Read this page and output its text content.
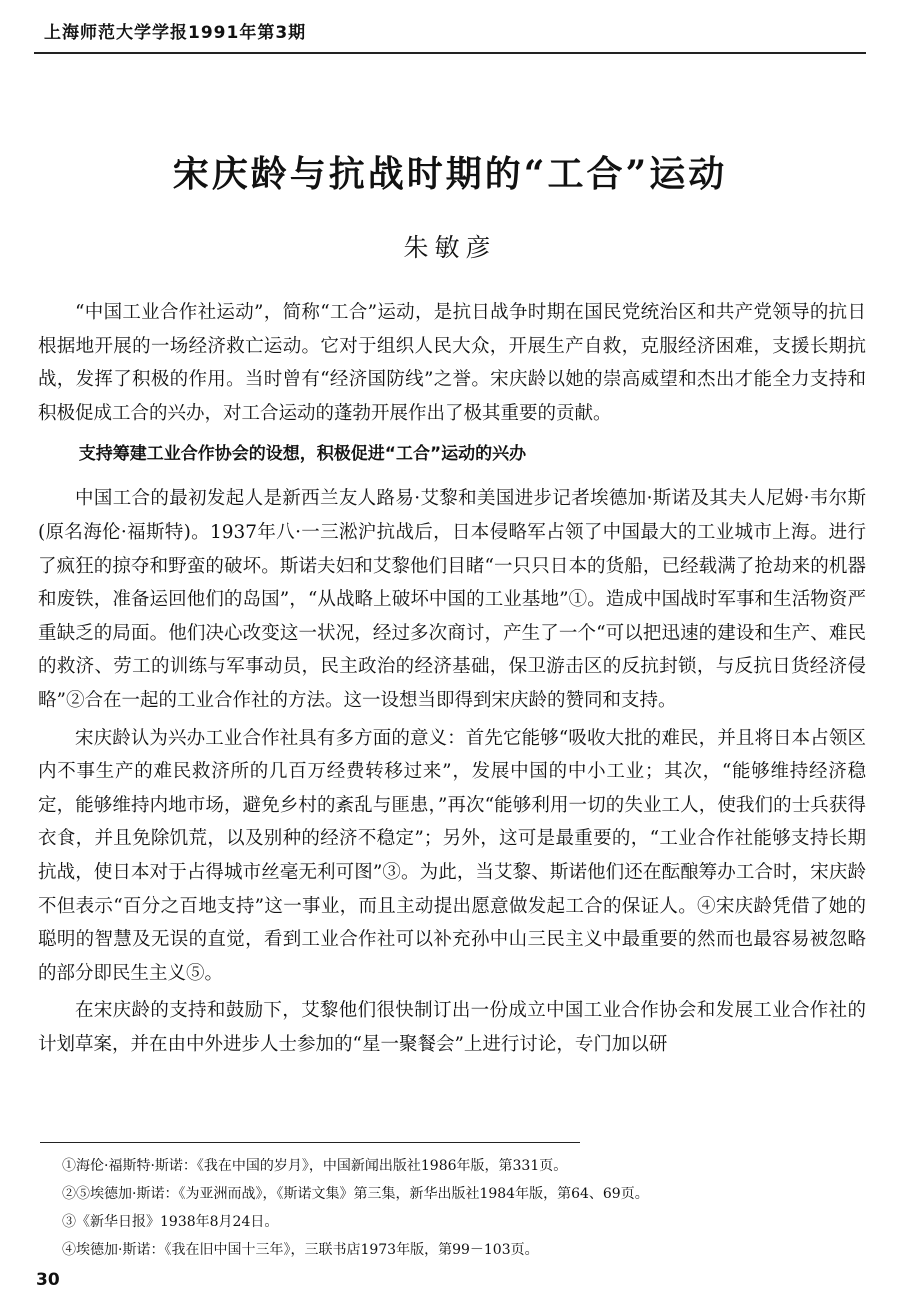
上海师范大学学报1991年第3期
宋庆龄与抗战时期的“工合”运动
朱敏彦

“中国工业合作社运动”，简称“工合”运动，是抗日战争时期在国民党统治区和共产党领导的抗日根据地开展的一场经济救亡运动。它对于组织人民大众，开展生产自救，克服经济困难，支援长期抗战，发挥了积极的作用。当时曾有“经济国防线”之誉。宋庆龄以她的崇高威望和杰出才能全力支持和积极促成工合的兴办，对工合运动的蓬勃开展作出了极其重要的贡献。

支持筹建工业合作协会的设想，积极促进“工合”运动的兴办

中国工合的最初发起人是新西兰友人路易·艾黎和美国进步记者埃德加·斯诺及其夫人尼姆·韦尔斯(原名海伦·福斯特)。1937年八·一三淞沪抗战后，日本侵略军占领了中国最大的工业城市上海。进行了疯狂的掠夺和野蛮的破坏。斯诺夫妇和艾黎他们目睹“一只只日本的货船，已经载满了抢劫来的机器和废铁，准备运回他们的岛国”，“从战略上破坏中国的工业基地”①。造成中国战时军事和生活物资严重缺乏的局面。他们决心改变这一状况，经过多次商讨，产生了一个“可以把迅速的建设和生产、难民的救济、劳工的训练与军事动员，民主政治的经济基础，保卫游击区的反抗封锁，与反抗日货经济侵略”②合在一起的工业合作社的方法。这一设想当即得到宋庆龄的赞同和支持。

宋庆龄认为兴办工业合作社具有多方面的意义：首先它能够“吸收大批的难民，并且将日本占领区内不事生产的难民救济所的几百万经费转移过来”，发展中国的中小工业；其次，“能够维持经济稳定，能够维持内地市场，避免乡村的紊乱与匪患，”再次“能够利用一切的失业工人，使我们的士兵获得衣食，并且免除饥荒，以及别种的经济不稳定”；另外，这可是最重要的，“工业合作社能够支持长期抗战，使日本对于占得城市丝毫无利可图”③。为此，当艾黎、斯诺他们还在酝酿筹办工合时，宋庆龄不但表示“百分之百地支持”这一事业，而且主动提出愿意做发起工合的保证人。④宋庆龄凭借了她的聪明的智慧及无误的直觉，看到工业合作社可以补充孙中山三民主义中最重要的然而也最容易被忽略的部分即民生主义⑤。

在宋庆龄的支持和鼓励下，艾黎他们很快制订出一份成立中国工业合作协会和发展工业合作社的计划草案，并在由中外进步人士参加的“星一聚餐会”上进行讨论，专门加以研

①海伦·福斯特·斯诺：《我在中国的岁月》，中国新闻出版社1986年版，第331页。
②⑤埃德加·斯诺：《为亚洲而战》，《斯诺文集》第三集，新华出版社1984年版，第64、69页。
③《新华日报》1938年8月24日。
④埃德加·斯诺：《我在旧中国十三年》，三联书店1973年版，第99－103页。
30
